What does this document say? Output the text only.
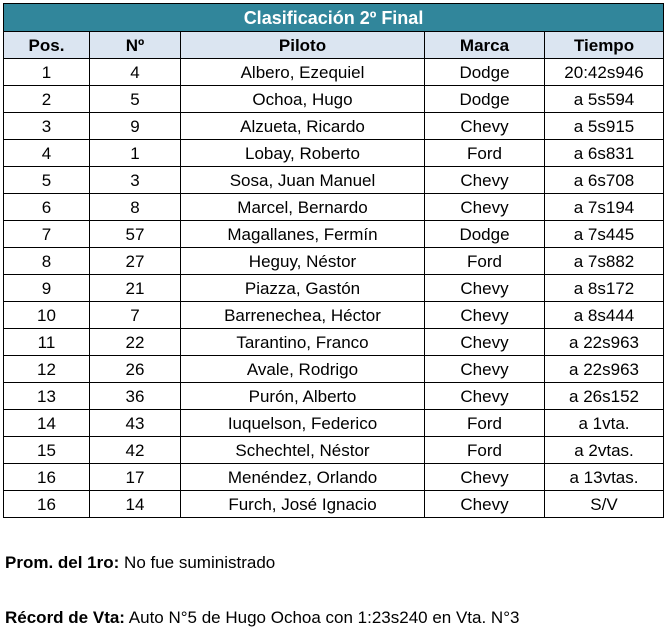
Clasificación 2º Final				
Pos.	Nº	Piloto	Marca	Tiempo
1	4	Albero, Ezequiel	Dodge	20:42s946
2	5	Ochoa, Hugo	Dodge	a 5s594
3	9	Alzueta, Ricardo	Chevy	a 5s915
4	1	Lobay, Roberto	Ford	a 6s831
5	3	Sosa, Juan Manuel	Chevy	a 6s708
6	8	Marcel, Bernardo	Chevy	a 7s194
7	57	Magallanes, Fermín	Dodge	a 7s445
8	27	Heguy, Néstor	Ford	a 7s882
9	21	Piazza, Gastón	Chevy	a 8s172
10	7	Barrenechea, Héctor	Chevy	a 8s444
11	22	Tarantino, Franco	Chevy	a 22s963
12	26	Avale, Rodrigo	Chevy	a 22s963
13	36	Purón, Alberto	Chevy	a 26s152
14	43	Iuquelson, Federico	Ford	a 1vta.
15	42	Schechtel, Néstor	Ford	a 2vtas.
16	17	Menéndez, Orlando	Chevy	a 13vtas.
16	14	Furch, José Ignacio	Chevy	S/V
Prom. del 1ro: No fue suministrado
Récord de Vta: Auto N°5 de Hugo Ochoa con 1:23s240 en Vta. N°3
